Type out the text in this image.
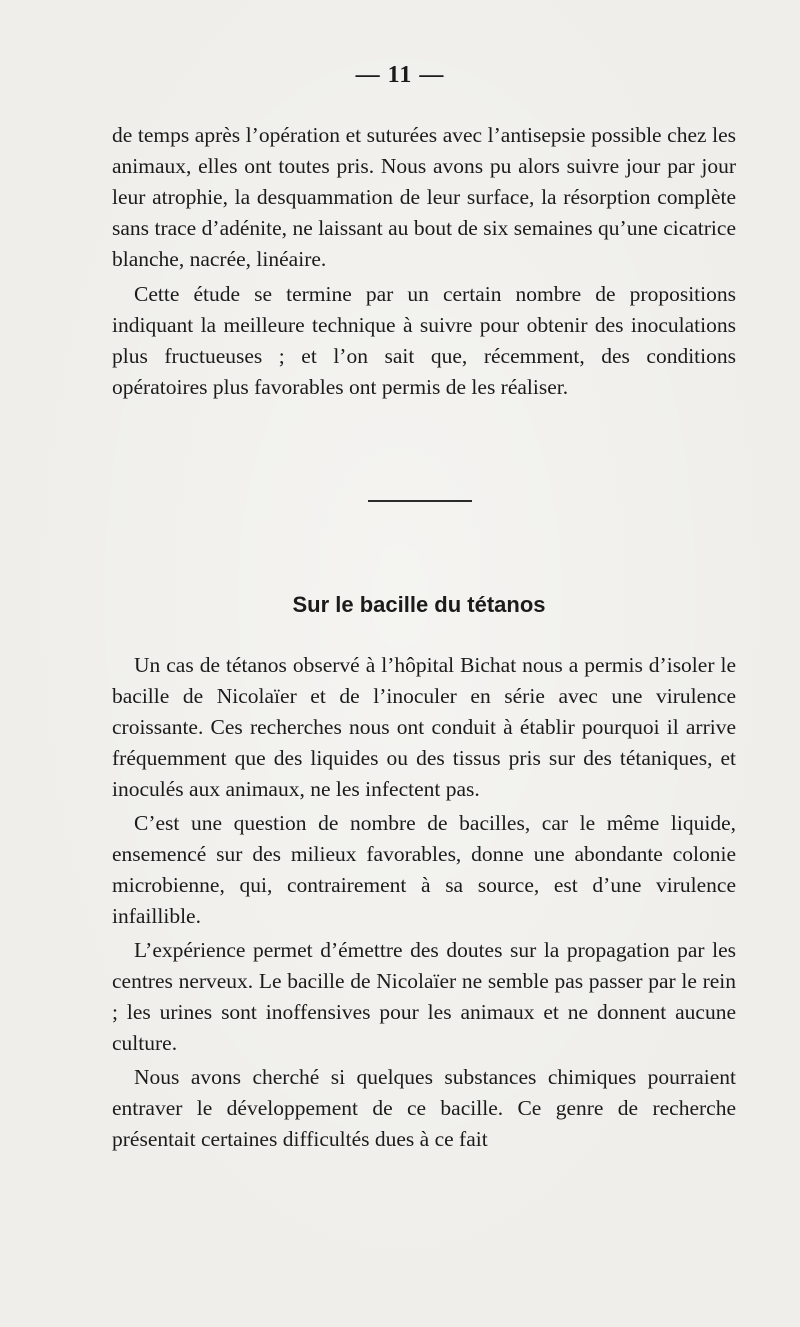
— 11 —

de temps après l’opération et suturées avec l’antisepsie possible chez les animaux, elles ont toutes pris. Nous avons pu alors suivre jour par jour leur atrophie, la desquammation de leur surface, la résorption complète sans trace d’adénite, ne laissant au bout de six semaines qu’une cicatrice blanche, nacrée, linéaire.

Cette étude se termine par un certain nombre de propositions indiquant la meilleure technique à suivre pour obtenir des inoculations plus fructueuses ; et l’on sait que, récemment, des conditions opératoires plus favorables ont permis de les réaliser.

Sur le bacille du tétanos

Un cas de tétanos observé à l’hôpital Bichat nous a permis d’isoler le bacille de Nicolaïer et de l’inoculer en série avec une virulence croissante. Ces recherches nous ont conduit à établir pourquoi il arrive fréquemment que des liquides ou des tissus pris sur des tétaniques, et inoculés aux animaux, ne les infectent pas.

C’est une question de nombre de bacilles, car le même liquide, ensemencé sur des milieux favorables, donne une abondante colonie microbienne, qui, contrairement à sa source, est d’une virulence infaillible.

L’expérience permet d’émettre des doutes sur la propagation par les centres nerveux. Le bacille de Nicolaïer ne semble pas passer par le rein ; les urines sont inoffensives pour les animaux et ne donnent aucune culture.

Nous avons cherché si quelques substances chimiques pourraient entraver le développement de ce bacille. Ce genre de recherche présentait certaines difficultés dues à ce fait
